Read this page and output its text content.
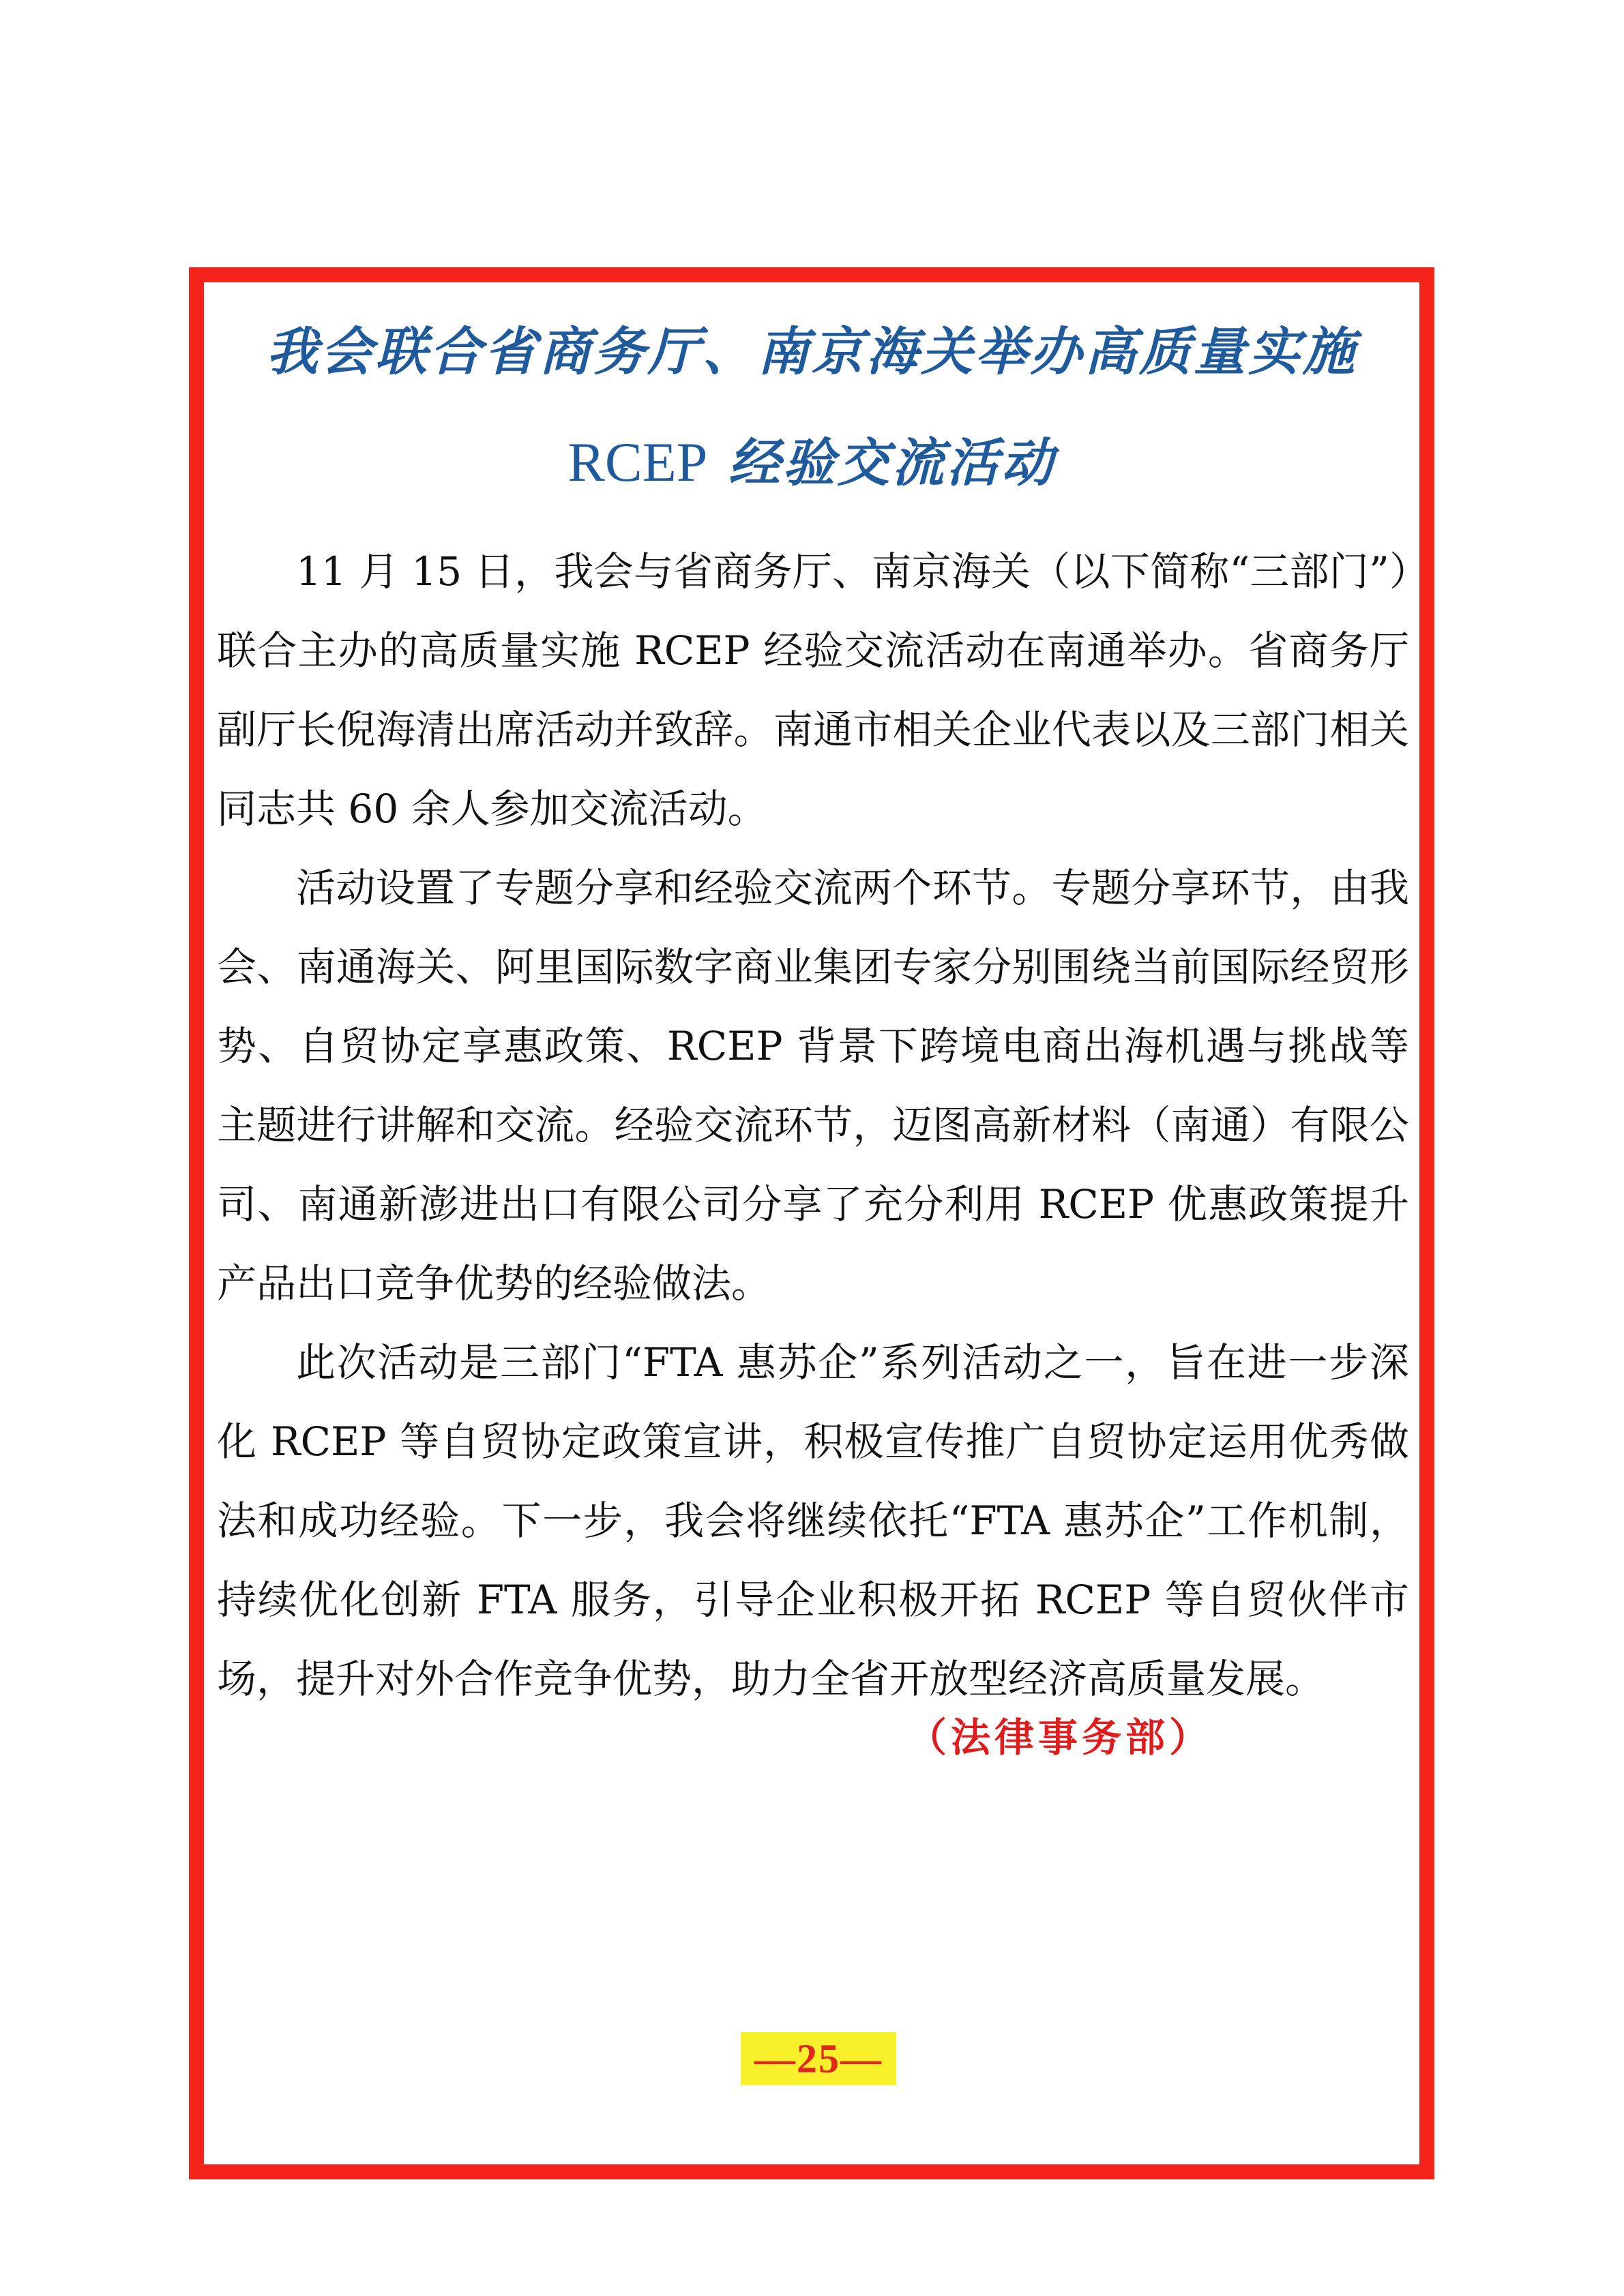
我会联合省商务厅、南京海关举办高质量实施
RCEP 经验交流活动

11 月 15 日，我会与省商务厅、南京海关（以下简称“三部门”）联合主办的高质量实施 RCEP 经验交流活动在南通举办。省商务厅副厅长倪海清出席活动并致辞。南通市相关企业代表以及三部门相关同志共 60 余人参加交流活动。

活动设置了专题分享和经验交流两个环节。专题分享环节，由我会、南通海关、阿里国际数字商业集团专家分别围绕当前国际经贸形势、自贸协定享惠政策、RCEP 背景下跨境电商出海机遇与挑战等主题进行讲解和交流。经验交流环节，迈图高新材料（南通）有限公司、南通新澎进出口有限公司分享了充分利用 RCEP 优惠政策提升产品出口竞争优势的经验做法。

此次活动是三部门“FTA 惠苏企”系列活动之一，旨在进一步深化 RCEP 等自贸协定政策宣讲，积极宣传推广自贸协定运用优秀做法和成功经验。下一步，我会将继续依托“FTA 惠苏企”工作机制，持续优化创新 FTA 服务，引导企业积极开拓 RCEP 等自贸伙伴市场，提升对外合作竞争优势，助力全省开放型经济高质量发展。

（法律事务部）
—25—
